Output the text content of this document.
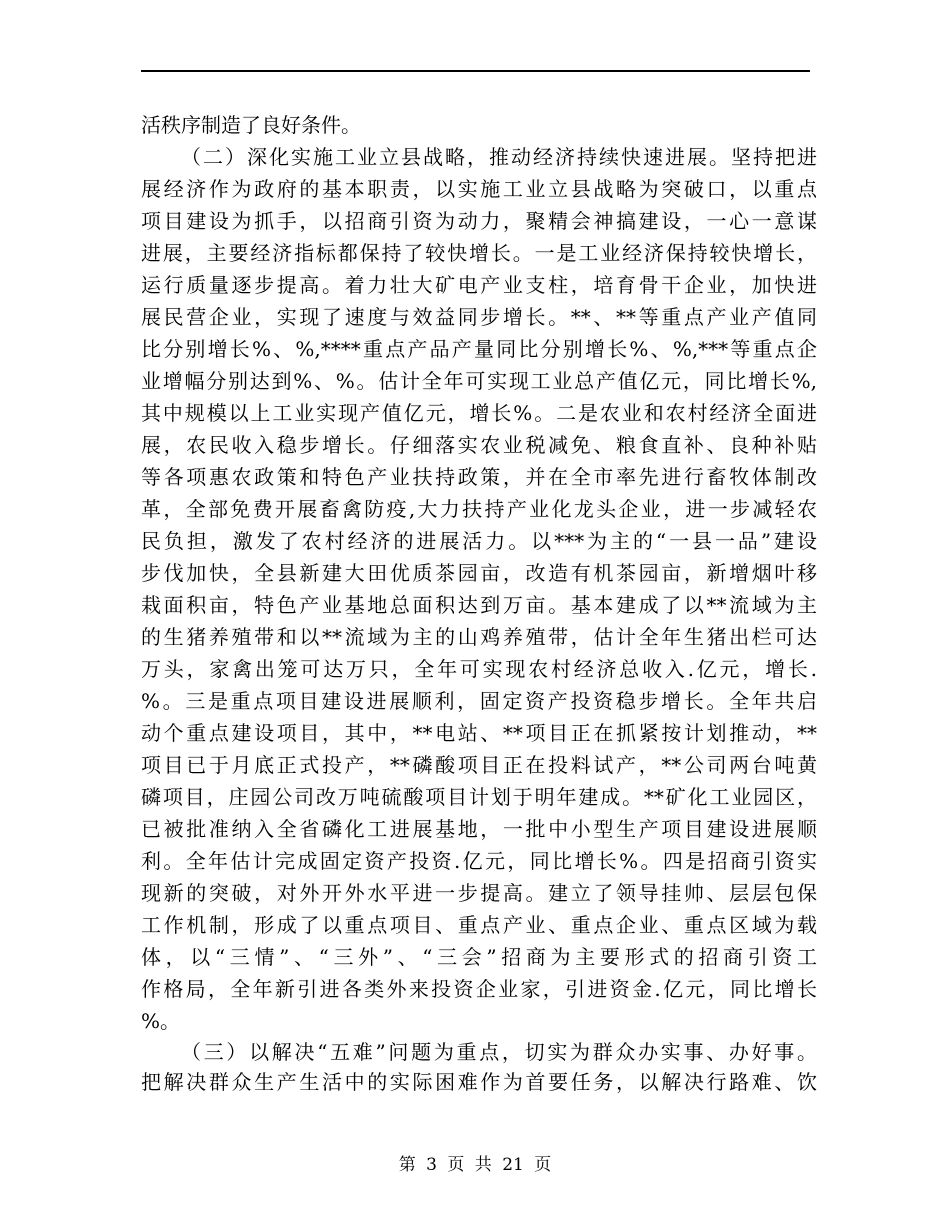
活秩序制造了良好条件。
（二）深化实施工业立县战略，推动经济持续快速进展。坚持把进
展经济作为政府的基本职责，以实施工业立县战略为突破口，以重点
项目建设为抓手，以招商引资为动力，聚精会神搞建设，一心一意谋
进展，主要经济指标都保持了较快增长。一是工业经济保持较快增长，
运行质量逐步提高。着力壮大矿电产业支柱，培育骨干企业，加快进
展民营企业，实现了速度与效益同步增长。**、**等重点产业产值同
比分别增长%、%,****重点产品产量同比分别增长%、%,***等重点企
业增幅分别达到%、%。估计全年可实现工业总产值亿元，同比增长%,
其中规模以上工业实现产值亿元，增长%。二是农业和农村经济全面进
展，农民收入稳步增长。仔细落实农业税减免、粮食直补、良种补贴
等各项惠农政策和特色产业扶持政策，并在全市率先进行畜牧体制改
革，全部免费开展畜禽防疫,大力扶持产业化龙头企业，进一步减轻农
民负担，激发了农村经济的进展活力。以***为主的“一县一品”建设
步伐加快，全县新建大田优质茶园亩，改造有机茶园亩，新增烟叶移
栽面积亩，特色产业基地总面积达到万亩。基本建成了以**流域为主
的生猪养殖带和以**流域为主的山鸡养殖带，估计全年生猪出栏可达
万头，家禽出笼可达万只，全年可实现农村经济总收入.亿元，增长.
%。三是重点项目建设进展顺利，固定资产投资稳步增长。全年共启
动个重点建设项目，其中，**电站、**项目正在抓紧按计划推动，**
项目已于月底正式投产，**磷酸项目正在投料试产，**公司两台吨黄
磷项目，庄园公司改万吨硫酸项目计划于明年建成。**矿化工业园区，
已被批准纳入全省磷化工进展基地，一批中小型生产项目建设进展顺
利。全年估计完成固定资产投资.亿元，同比增长%。四是招商引资实
现新的突破，对外开外水平进一步提高。建立了领导挂帅、层层包保
工作机制，形成了以重点项目、重点产业、重点企业、重点区域为载
体，以“三情”、“三外”、“三会”招商为主要形式的招商引资工
作格局，全年新引进各类外来投资企业家，引进资金.亿元，同比增长
%。
（三）以解决“五难”问题为重点，切实为群众办实事、办好事。
把解决群众生产生活中的实际困难作为首要任务，以解决行路难、饮
第 3 页 共 21 页
